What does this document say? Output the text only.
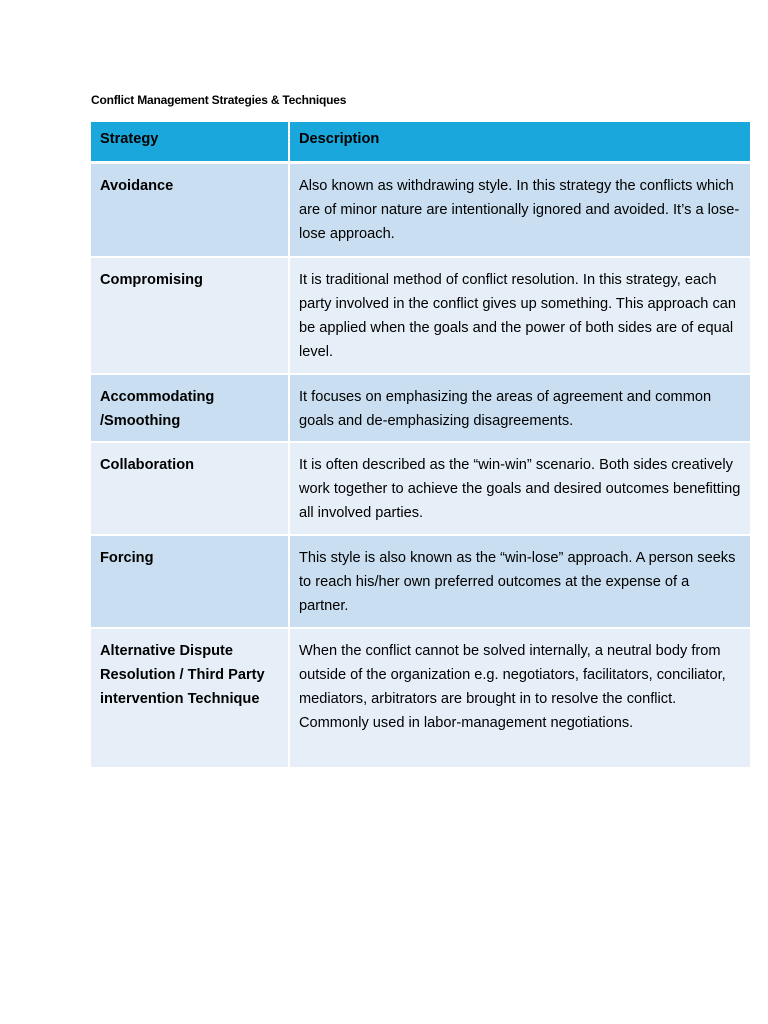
Conflict Management Strategies & Techniques
Strategy	Description
Avoidance	Also known as withdrawing style. In this strategy the conflicts which are of minor nature are intentionally ignored and avoided. It’s a lose-lose approach.
Compromising	It is traditional method of conflict resolution. In this strategy, each party involved in the conflict gives up something. This approach can be applied when the goals and the power of both sides are of equal level.
Accommodating /Smoothing	It focuses on emphasizing the areas of agreement and common goals and de-emphasizing disagreements.
Collaboration	It is often described as the “win-win” scenario. Both sides creatively work together to achieve the goals and desired outcomes benefitting all involved parties.
Forcing	This style is also known as the “win-lose” approach. A person seeks to reach his/her own preferred outcomes at the expense of a partner.
Alternative Dispute Resolution / Third Party intervention Technique	When the conflict cannot be solved internally, a neutral body from outside of the organization e.g. negotiators, facilitators, conciliator, mediators, arbitrators are brought in to resolve the conflict. Commonly used in labor-management negotiations.
